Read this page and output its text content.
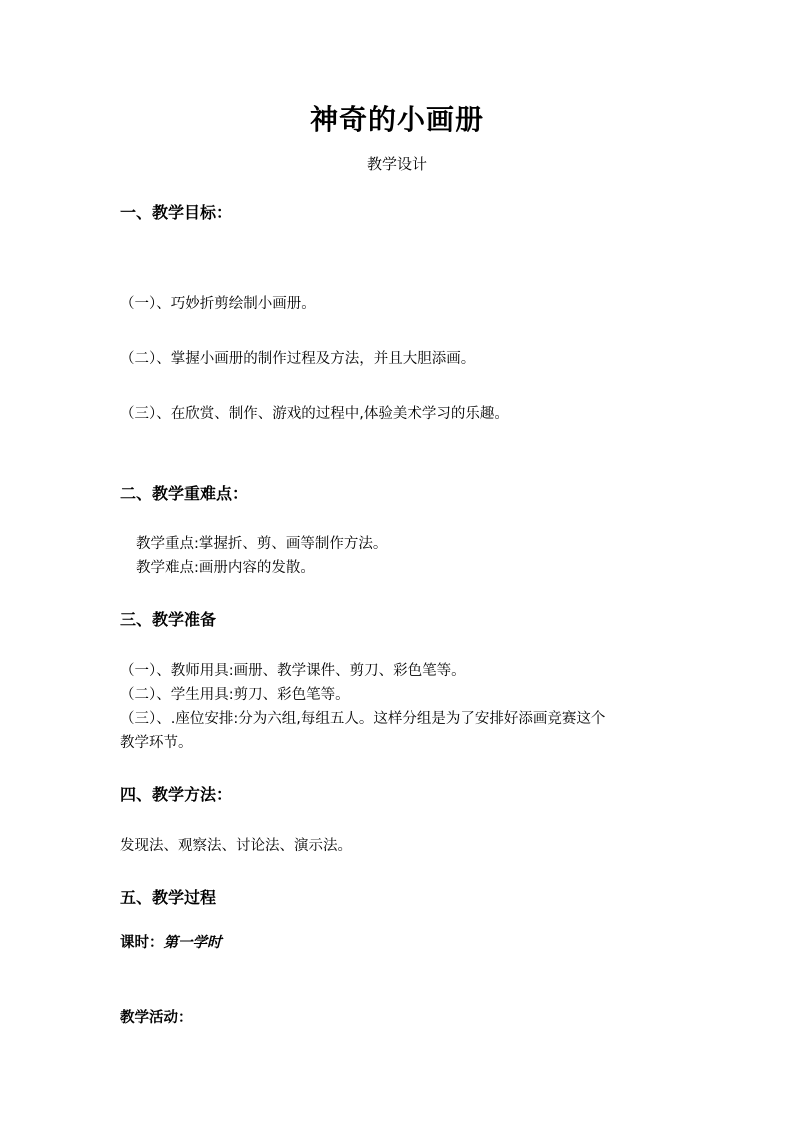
神奇的小画册
教学设计
一、教学目标：
（一）、巧妙折剪绘制小画册。
（二）、掌握小画册的制作过程及方法，并且大胆添画。
（三）、在欣赏、制作、游戏的过程中,体验美术学习的乐趣。
二、教学重难点：
教学重点:掌握折、剪、画等制作方法。
教学难点:画册内容的发散。
三、教学准备
（一）、教师用具:画册、教学课件、剪刀、彩色笔等。
（二）、学生用具:剪刀、彩色笔等。
（三）、.座位安排:分为六组,每组五人。这样分组是为了安排好添画竞赛这个
教学环节。
四、教学方法：
发现法、观察法、讨论法、演示法。
五、教学过程
课时：第一学时
教学活动：
